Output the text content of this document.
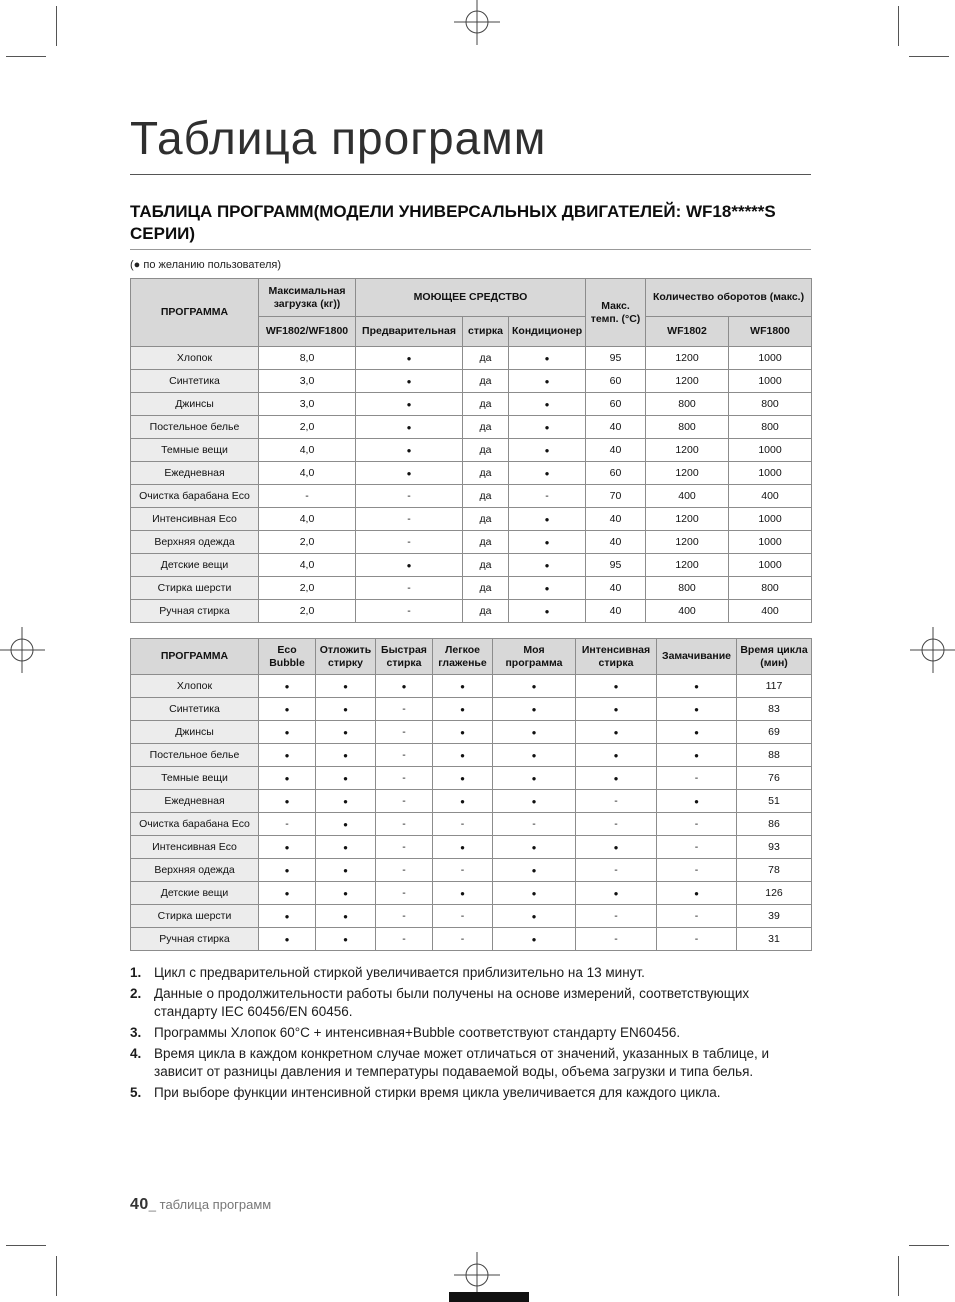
Таблица программ
ТАБЛИЦА ПРОГРАММ(МОДЕЛИ УНИВЕРСАЛЬНЫХ ДВИГАТЕЛЕЙ: WF18*****S СЕРИИ)
(● по желанию пользователя)
ПРОГРАММА	Максимальная загрузка (кг))	МОЮЩЕЕ СРЕДСТВО			Макс. темп. (°C)	Количество оборотов (макс.)	
	WF1802/WF1800	Предварительная	стирка	Кондиционер		WF1802	WF1800
Хлопок	8,0	●	да	●	95	1200	1000
Синтетика	3,0	●	да	●	60	1200	1000
Джинсы	3,0	●	да	●	60	800	800
Постельное белье	2,0	●	да	●	40	800	800
Темные вещи	4,0	●	да	●	40	1200	1000
Ежедневная	4,0	●	да	●	60	1200	1000
Очистка барабана Eco	-	-	да	-	70	400	400
Интенсивная Eco	4,0	-	да	●	40	1200	1000
Верхняя одежда	2,0	-	да	●	40	1200	1000
Детские вещи	4,0	●	да	●	95	1200	1000
Стирка шерсти	2,0	-	да	●	40	800	800
Ручная стирка	2,0	-	да	●	40	400	400
ПРОГРАММА	Eco Bubble	Отложить стирку	Быстрая стирка	Легкое глаженье	Моя программа	Интенсивная стирка	Замачивание	Время цикла (мин)
Хлопок	●	●	●	●	●	●	●	117
Синтетика	●	●	-	●	●	●	●	83
Джинсы	●	●	-	●	●	●	●	69
Постельное белье	●	●	-	●	●	●	●	88
Темные вещи	●	●	-	●	●	●	-	76
Ежедневная	●	●	-	●	●	-	●	51
Очистка барабана Eco	-	●	-	-	-	-	-	86
Интенсивная Eco	●	●	-	●	●	●	-	93
Верхняя одежда	●	●	-	-	●	-	-	78
Детские вещи	●	●	-	●	●	●	●	126
Стирка шерсти	●	●	-	-	●	-	-	39
Ручная стирка	●	●	-	-	●	-	-	31
1. Цикл с предварительной стиркой увеличивается приблизительно на 13 минут.
2. Данные о продолжительности работы были получены на основе измерений, соответствующих стандарту IEC 60456/EN 60456.
3. Программы Хлопок 60°C + интенсивная+Bubble соответствуют стандарту EN60456.
4. Время цикла в каждом конкретном случае может отличаться от значений, указанных в таблице, и зависит от разницы давления и температуры подаваемой воды, объема загрузки и типа белья.
5. При выборе функции интенсивной стирки время цикла увеличивается для каждого цикла.
40_ таблица программ
